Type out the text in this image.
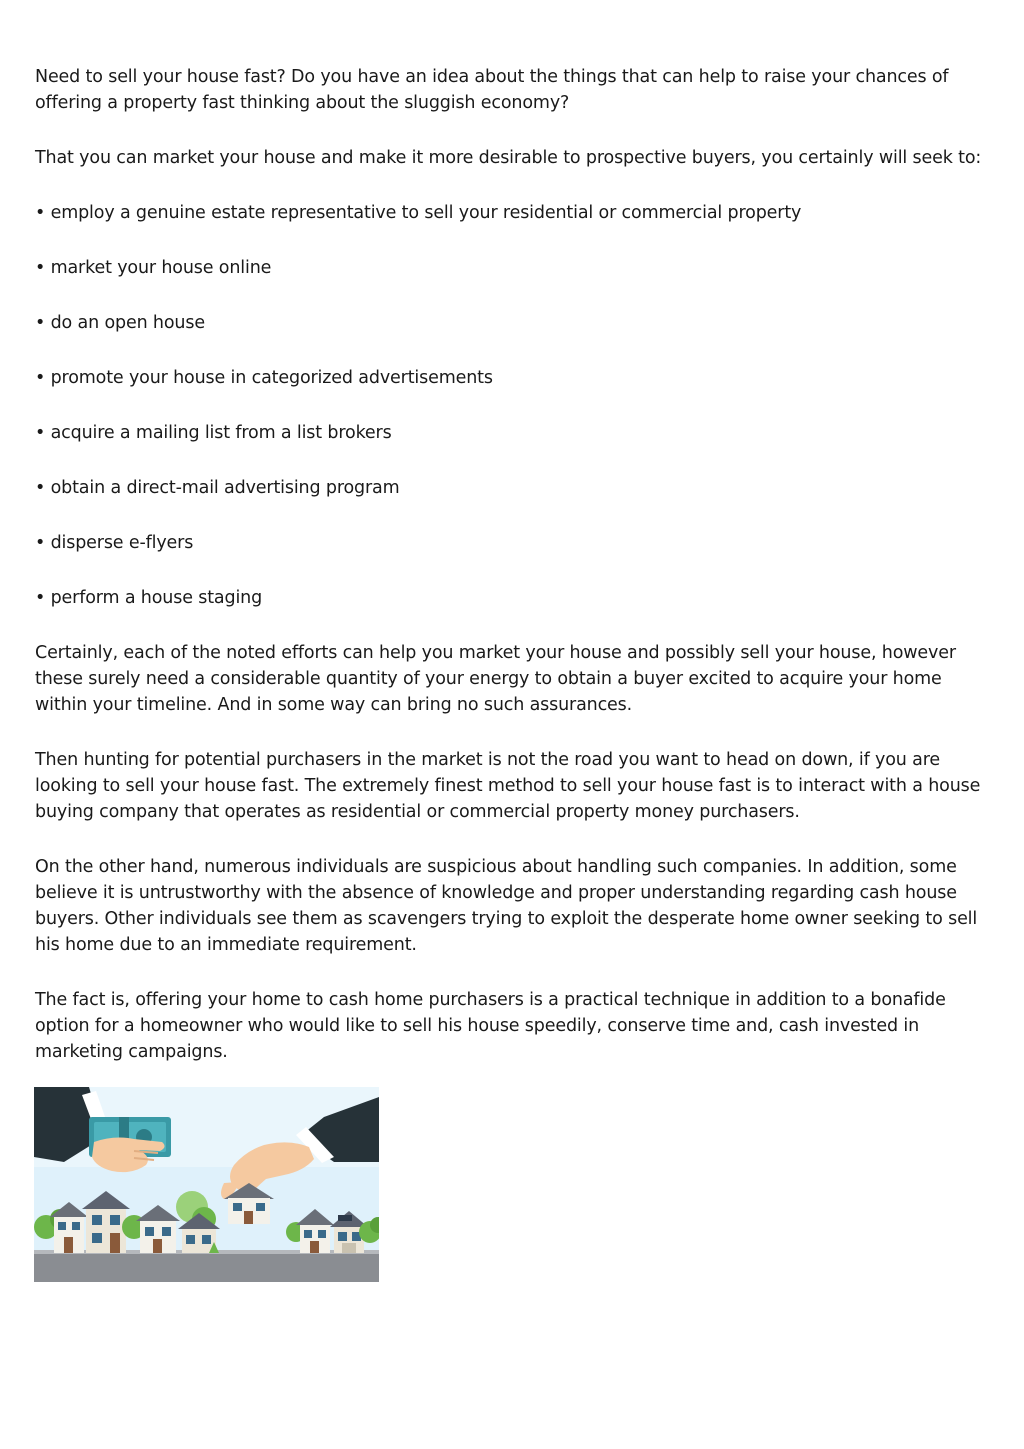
Need to sell your house fast? Do you have an idea about the things that can help to raise your chances of offering a property fast thinking about the sluggish economy?

That you can market your house and make it more desirable to prospective buyers, you certainly will seek to:

• employ a genuine estate representative to sell your residential or commercial property
• market your house online
• do an open house
• promote your house in categorized advertisements
• acquire a mailing list from a list brokers
• obtain a direct-mail advertising program
• disperse e-flyers
• perform a house staging

Certainly, each of the noted efforts can help you market your house and possibly sell your house, however these surely need a considerable quantity of your energy to obtain a buyer excited to acquire your home within your timeline. And in some way can bring no such assurances.

Then hunting for potential purchasers in the market is not the road you want to head on down, if you are looking to sell your house fast. The extremely finest method to sell your house fast is to interact with a house buying company that operates as residential or commercial property money purchasers.

On the other hand, numerous individuals are suspicious about handling such companies. In addition, some believe it is untrustworthy with the absence of knowledge and proper understanding regarding cash house buyers. Other individuals see them as scavengers trying to exploit the desperate home owner seeking to sell his home due to an immediate requirement.

The fact is, offering your home to cash home purchasers is a practical technique in addition to a bonafide option for a homeowner who would like to sell his house speedily, conserve time and, cash invested in marketing campaigns.
